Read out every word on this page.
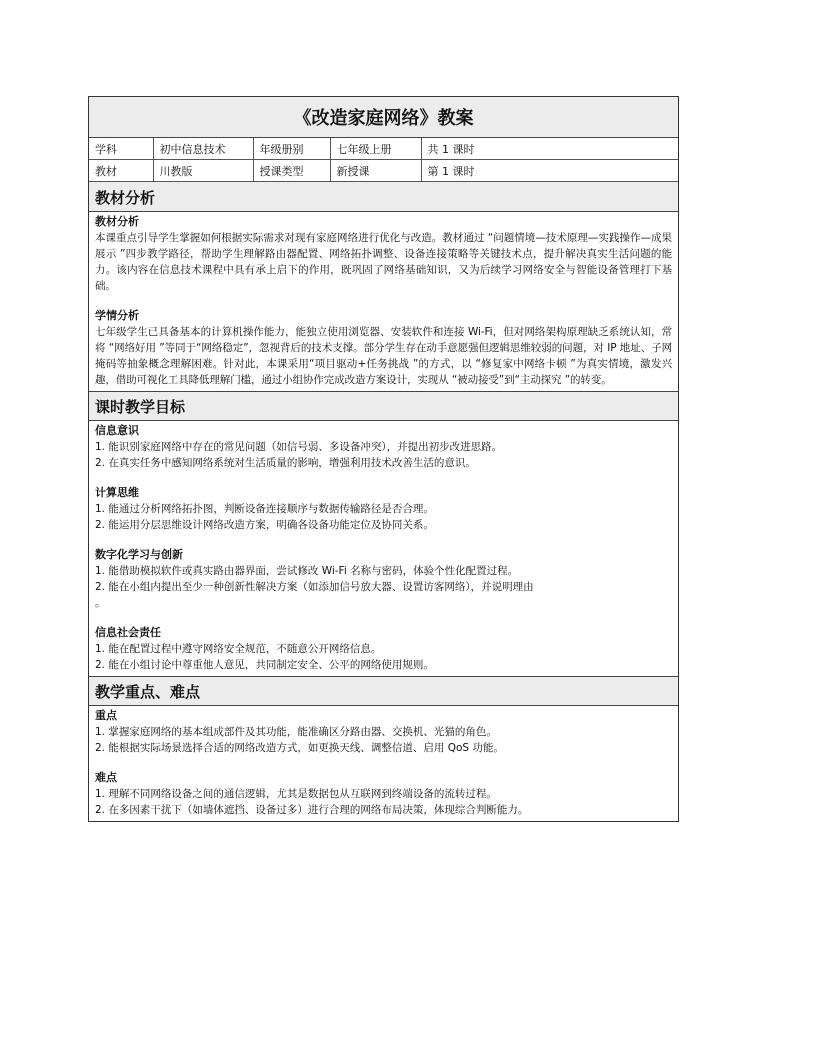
《改造家庭网络》教案
学科	初中信息技术	年级册别	七年级上册	共 1 课时
教材	川教版	授课类型	新授课	第 1 课时
教材分析

教材分析

本课重点引导学生掌握如何根据实际需求对现有家庭网络进行优化与改造。教材通过 “问题情境—技术原理—实践操作—成果展示 ”四步教学路径，帮助学生理解路由器配置、网络拓扑调整、设备连接策略等关键技术点，提升解决真实生活问题的能力。该内容在信息技术课程中具有承上启下的作用，既巩固了网络基础知识，又为后续学习网络安全与智能设备管理打下基础。

学情分析

七年级学生已具备基本的计算机操作能力，能独立使用浏览器、安装软件和连接 Wi-Fi，但对网络架构原理缺乏系统认知，常将 “网络好用 ”等同于“网络稳定”，忽视背后的技术支撑。部分学生存在动手意愿强但逻辑思维较弱的问题，对 IP 地址、子网掩码等抽象概念理解困难。针对此，本课采用“项目驱动+任务挑战 ”的方式，以 “修复家中网络卡顿 ”为真实情境，激发兴趣，借助可视化工具降低理解门槛，通过小组协作完成改造方案设计，实现从 “被动接受”到“主动探究 ”的转变。

课时教学目标

信息意识

1. 能识别家庭网络中存在的常见问题（如信号弱、多设备冲突），并提出初步改进思路。

2. 在真实任务中感知网络系统对生活质量的影响，增强利用技术改善生活的意识。

计算思维

1. 能通过分析网络拓扑图，判断设备连接顺序与数据传输路径是否合理。

2. 能运用分层思维设计网络改造方案，明确各设备功能定位及协同关系。

数字化学习与创新

1. 能借助模拟软件或真实路由器界面，尝试修改 Wi-Fi 名称与密码，体验个性化配置过程。

2. 能在小组内提出至少一种创新性解决方案（如添加信号放大器、设置访客网络），并说明理由

。

信息社会责任

1. 能在配置过程中遵守网络安全规范，不随意公开网络信息。

2. 能在小组讨论中尊重他人意见，共同制定安全、公平的网络使用规则。

教学重点、难点

重点

1. 掌握家庭网络的基本组成部件及其功能，能准确区分路由器、交换机、光猫的角色。

2. 能根据实际场景选择合适的网络改造方式，如更换天线、调整信道、启用 QoS 功能。

难点

1. 理解不同网络设备之间的通信逻辑，尤其是数据包从互联网到终端设备的流转过程。

2. 在多因素干扰下（如墙体遮挡、设备过多）进行合理的网络布局决策，体现综合判断能力。
